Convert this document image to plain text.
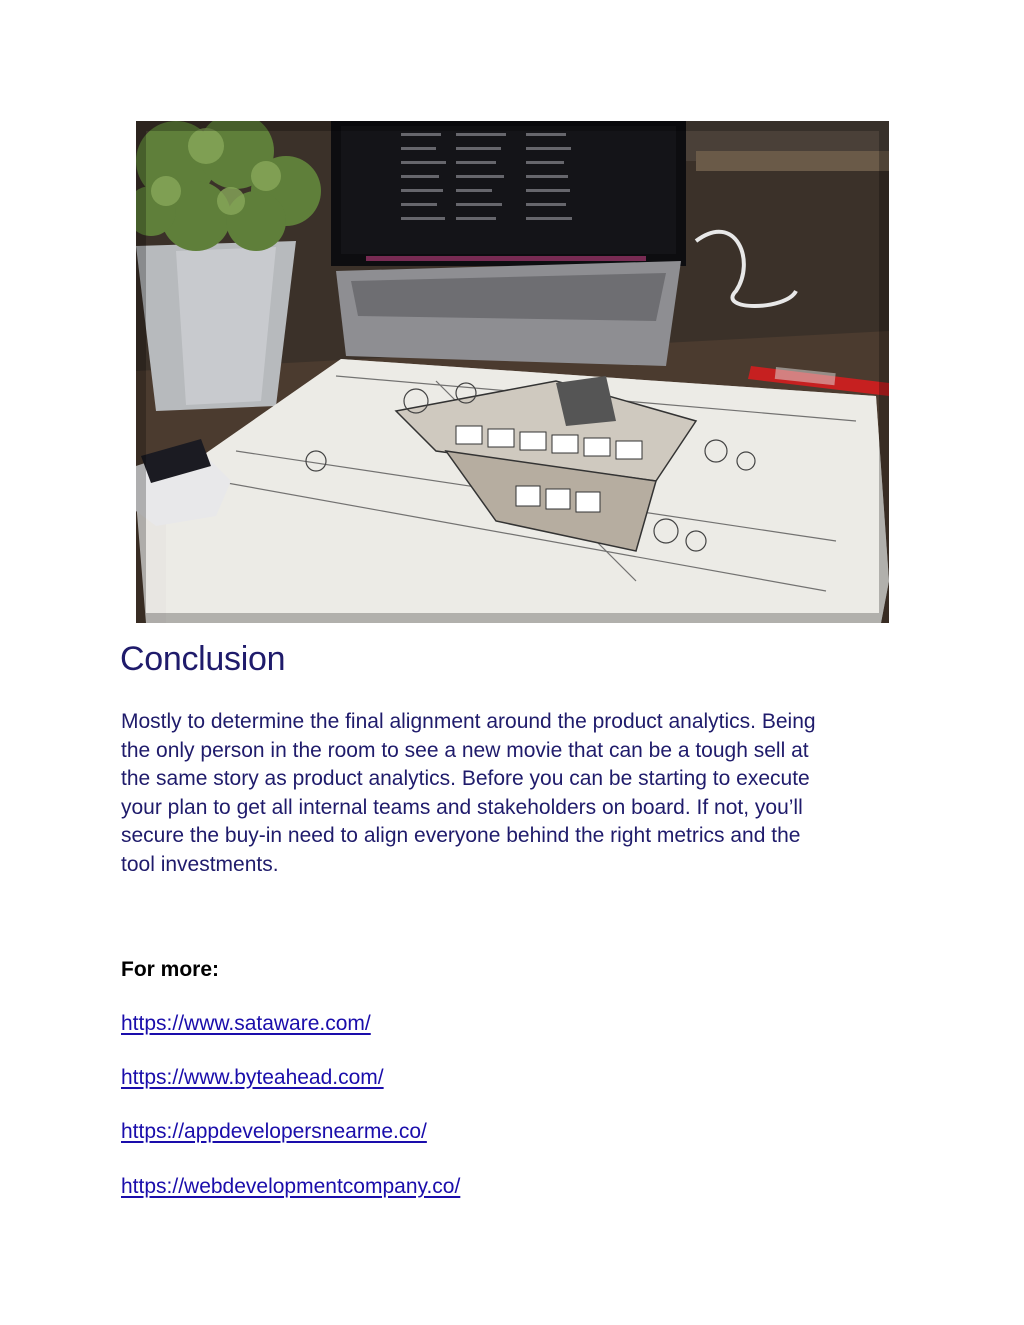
Conclusion

Mostly to determine the final alignment around the product analytics. Being
the only person in the room to see a new movie that can be a tough sell at
the same story as product analytics. Before you can be starting to execute
your plan to get all internal teams and stakeholders on board. If not, you’ll
secure the buy-in need to align everyone behind the right metrics and the
tool investments.

For more:

https://www.sataware.com/
https://www.byteahead.com/
https://appdevelopersnearme.co/
https://webdevelopmentcompany.co/
